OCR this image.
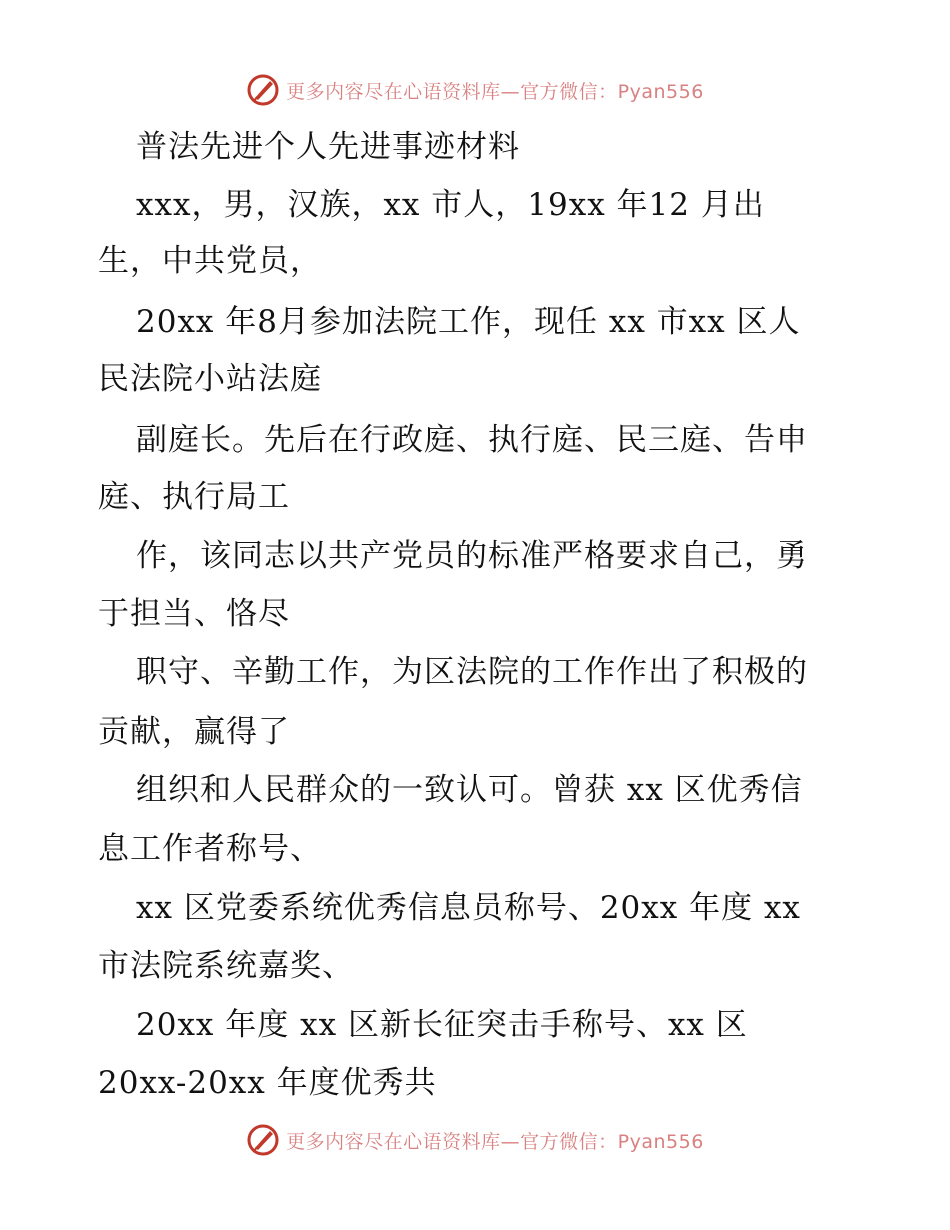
更多内容尽在心语资料库—官方微信：Pyan556
普法先进个人先进事迹材料
xxx，男，汉族，xx 市人，19xx 年12 月出
生，中共党员，
20xx 年8月参加法院工作，现任 xx 市xx 区人
民法院小站法庭
副庭长。先后在行政庭、执行庭、民三庭、告申
庭、执行局工
作，该同志以共产党员的标准严格要求自己，勇
于担当、恪尽
职守、辛勤工作，为区法院的工作作出了积极的
贡献，赢得了
组织和人民群众的一致认可。曾获 xx 区优秀信
息工作者称号、
xx 区党委系统优秀信息员称号、20xx 年度 xx
市法院系统嘉奖、
20xx 年度 xx 区新长征突击手称号、xx 区
20xx-20xx 年度优秀共
更多内容尽在心语资料库—官方微信：Pyan556
